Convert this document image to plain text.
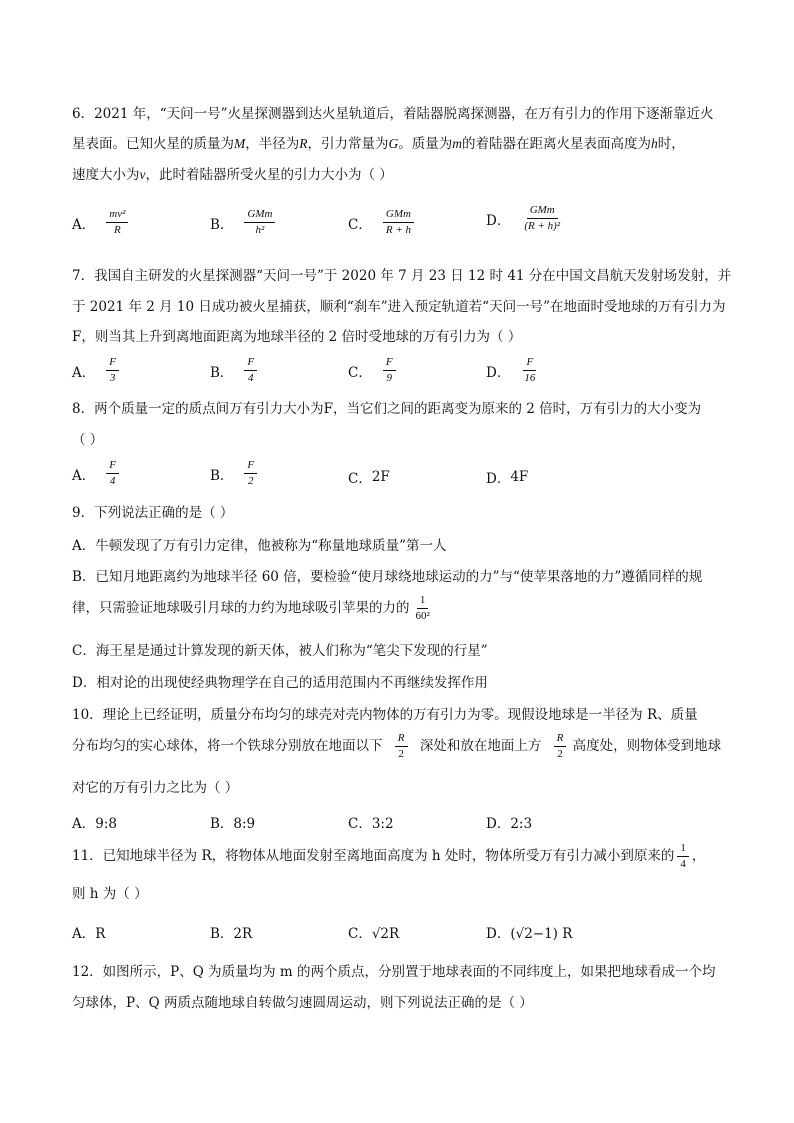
6．2021 年，“天问一号”火星探测器到达火星轨道后，着陆器脱离探测器，在万有引力的作用下逐渐靠近火
星表面。已知火星的质量为M，半径为R，引力常量为G。质量为m的着陆器在距离火星表面高度为h时，
速度大小为v，此时着陆器所受火星的引力大小为（ ）
A． $\frac{\text{mv²}}{R}$	B． $\frac{\text{GMm}}{\text{h²}}$	C． $\frac{\text{GMm}}{R + h}$	D． $\frac{\text{GMm}}{\text{(R + h)²}}$
7．我国自主研发的火星探测器“天问一号”于 2020 年 7 月 23 日 12 时 41 分在中国文昌航天发射场发射，并
于 2021 年 2 月 10 日成功被火星捕获，顺利“刹车”进入预定轨道若“天问一号”在地面时受地球的万有引力为
F，则当其上升到离地面距离为地球半径的 2 倍时受地球的万有引力为（ ）
A． $\frac{F}{3}$	B． $\frac{F}{4}$	C． $\frac{F}{9}$	D． $\frac{F}{16}$
8．两个质量一定的质点间万有引力大小为F，当它们之间的距离变为原来的 2 倍时，万有引力的大小变为
（ ）
A． $\frac{F}{4}$	B． $\frac{F}{2}$	C． 2F	D． 4F
9．下列说法正确的是（ ）
A．牛顿发现了万有引力定律，他被称为“称量地球质量”第一人
B．已知月地距离约为地球半径 60 倍，要检验“使月球绕地球运动的力”与“使苹果落地的力”遵循同样的规
律，只需验证地球吸引月球的力约为地球吸引苹果的力的 $\frac{1}{\text{60²}}$
C．海王星是通过计算发现的新天体，被人们称为“笔尖下发现的行星”
D．相对论的出现使经典物理学在自己的适用范围内不再继续发挥作用
10．理论上已经证明，质量分布均匀的球壳对壳内物体的万有引力为零。现假设地球是一半径为 R、质量
分布均匀的实心球体，将一个铁球分别放在地面以下 $\frac{R}{2}$ 深处和放在地面上方 $\frac{R}{2}$ 高度处，则物体受到地球
对它的万有引力之比为（ ）
A．9:8	B．8:9	C．3:2	D．2:3
11．已知地球半径为 R，将物体从地面发射至离地面高度为 h 处时，物体所受万有引力减小到原来的 $\frac{1}{4}$ ，
则 h 为（ ）
A．R	B．2R	C．√2R	D．(√2−1) R
12．如图所示，P、Q 为质量均为 m 的两个质点，分别置于地球表面的不同纬度上，如果把地球看成一个均
匀球体，P、Q 两质点随地球自转做匀速圆周运动，则下列说法正确的是（ ）
